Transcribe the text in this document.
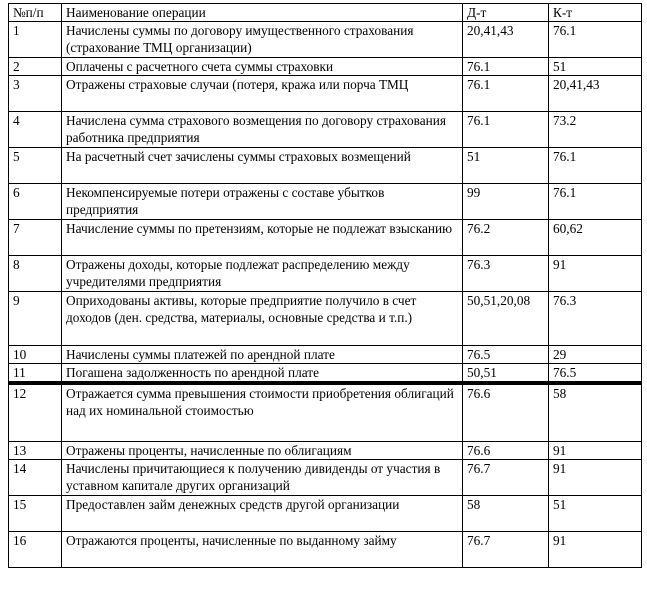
№п/п	Наименование операции	Д-т	К-т
1	Начислены суммы по договору имущественного страхования (страхование ТМЦ организации)	20,41,43	76.1
2	Оплачены с расчетного счета суммы страховки	76.1	51
3	Отражены страховые случаи (потеря, кража или порча ТМЦ	76.1	20,41,43
4	Начислена сумма страхового возмещения по договору страхования работника предприятия	76.1	73.2
5	На расчетный счет зачислены суммы страховых возмещений	51	76.1
6	Некомпенсируемые потери отражены с составе убытков предприятия	99	76.1
7	Начисление суммы по претензиям, которые не подлежат взысканию	76.2	60,62
8	Отражены доходы, которые подлежат распределению между учредителями предприятия	76.3	91
9	Оприходованы активы, которые предприятие получило в счет доходов (ден. средства, материалы, основные средства и т.п.)	50,51,20,08	76.3
10	Начислены суммы платежей по арендной плате	76.5	29
11	Погашена задолженность по арендной плате	50,51	76.5
12	Отражается сумма превышения стоимости приобретения облигаций над их номинальной стоимостью	76.6	58
13	Отражены проценты, начисленные по облигациям	76.6	91
14	Начислены причитающиеся к получению дивиденды от участия в уставном капитале других организаций	76.7	91
15	Предоставлен займ денежных средств другой организации	58	51
16	Отражаются проценты, начисленные по выданному займу	76.7	91
